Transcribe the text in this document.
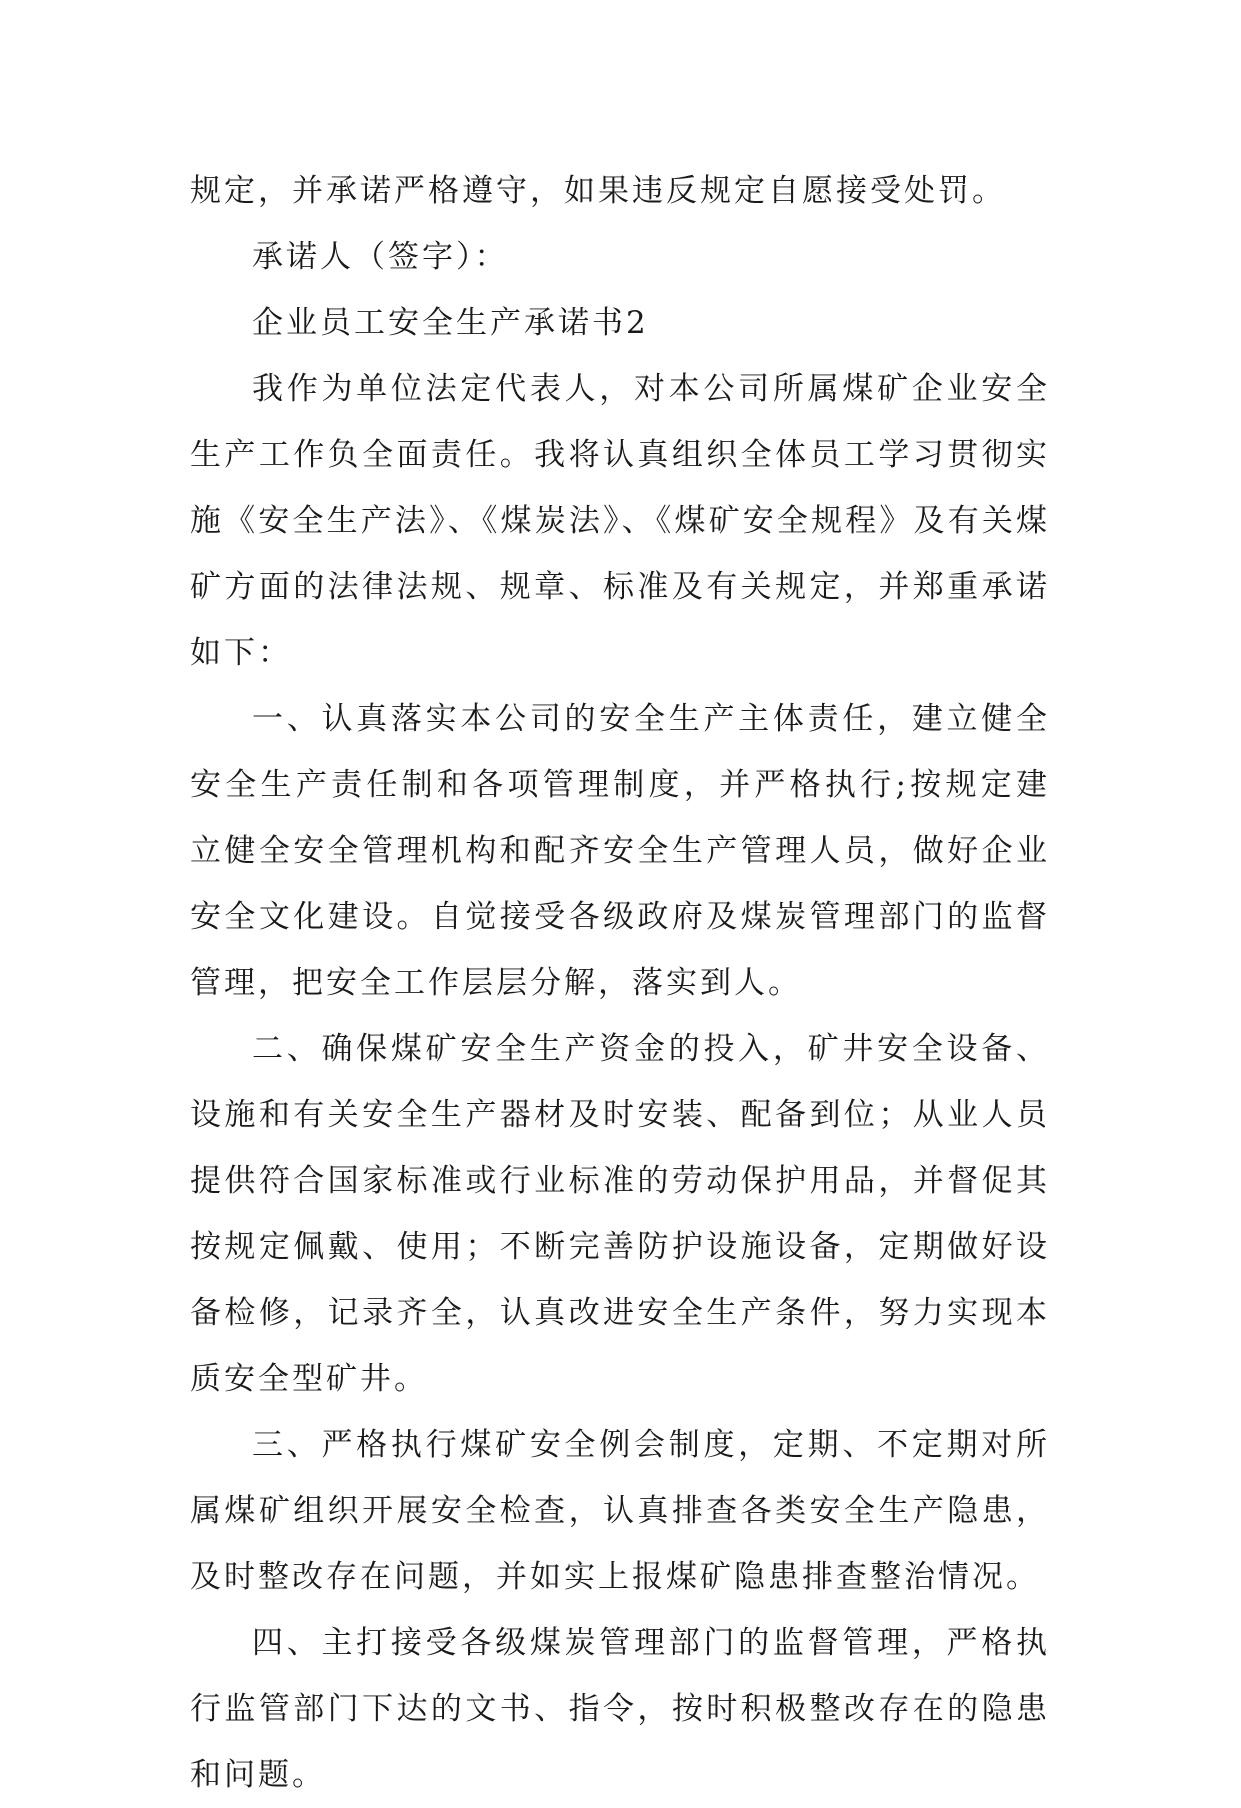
规定，并承诺严格遵守，如果违反规定自愿接受处罚。

承诺人（签字）：

企业员工安全生产承诺书2

我作为单位法定代表人，对本公司所属煤矿企业安全生产工作负全面责任。我将认真组织全体员工学习贯彻实施《安全生产法》、《煤炭法》、《煤矿安全规程》及有关煤矿方面的法律法规、规章、标准及有关规定，并郑重承诺如下：

一、认真落实本公司的安全生产主体责任，建立健全安全生产责任制和各项管理制度，并严格执行;按规定建立健全安全管理机构和配齐安全生产管理人员，做好企业安全文化建设。自觉接受各级政府及煤炭管理部门的监督管理，把安全工作层层分解，落实到人。

二、确保煤矿安全生产资金的投入，矿井安全设备、设施和有关安全生产器材及时安装、配备到位；从业人员提供符合国家标准或行业标准的劳动保护用品，并督促其按规定佩戴、使用；不断完善防护设施设备，定期做好设备检修，记录齐全，认真改进安全生产条件，努力实现本质安全型矿井。

三、严格执行煤矿安全例会制度，定期、不定期对所属煤矿组织开展安全检查，认真排查各类安全生产隐患，及时整改存在问题，并如实上报煤矿隐患排查整治情况。

四、主打接受各级煤炭管理部门的监督管理，严格执行监管部门下达的文书、指令，按时积极整改存在的隐患和问题。
